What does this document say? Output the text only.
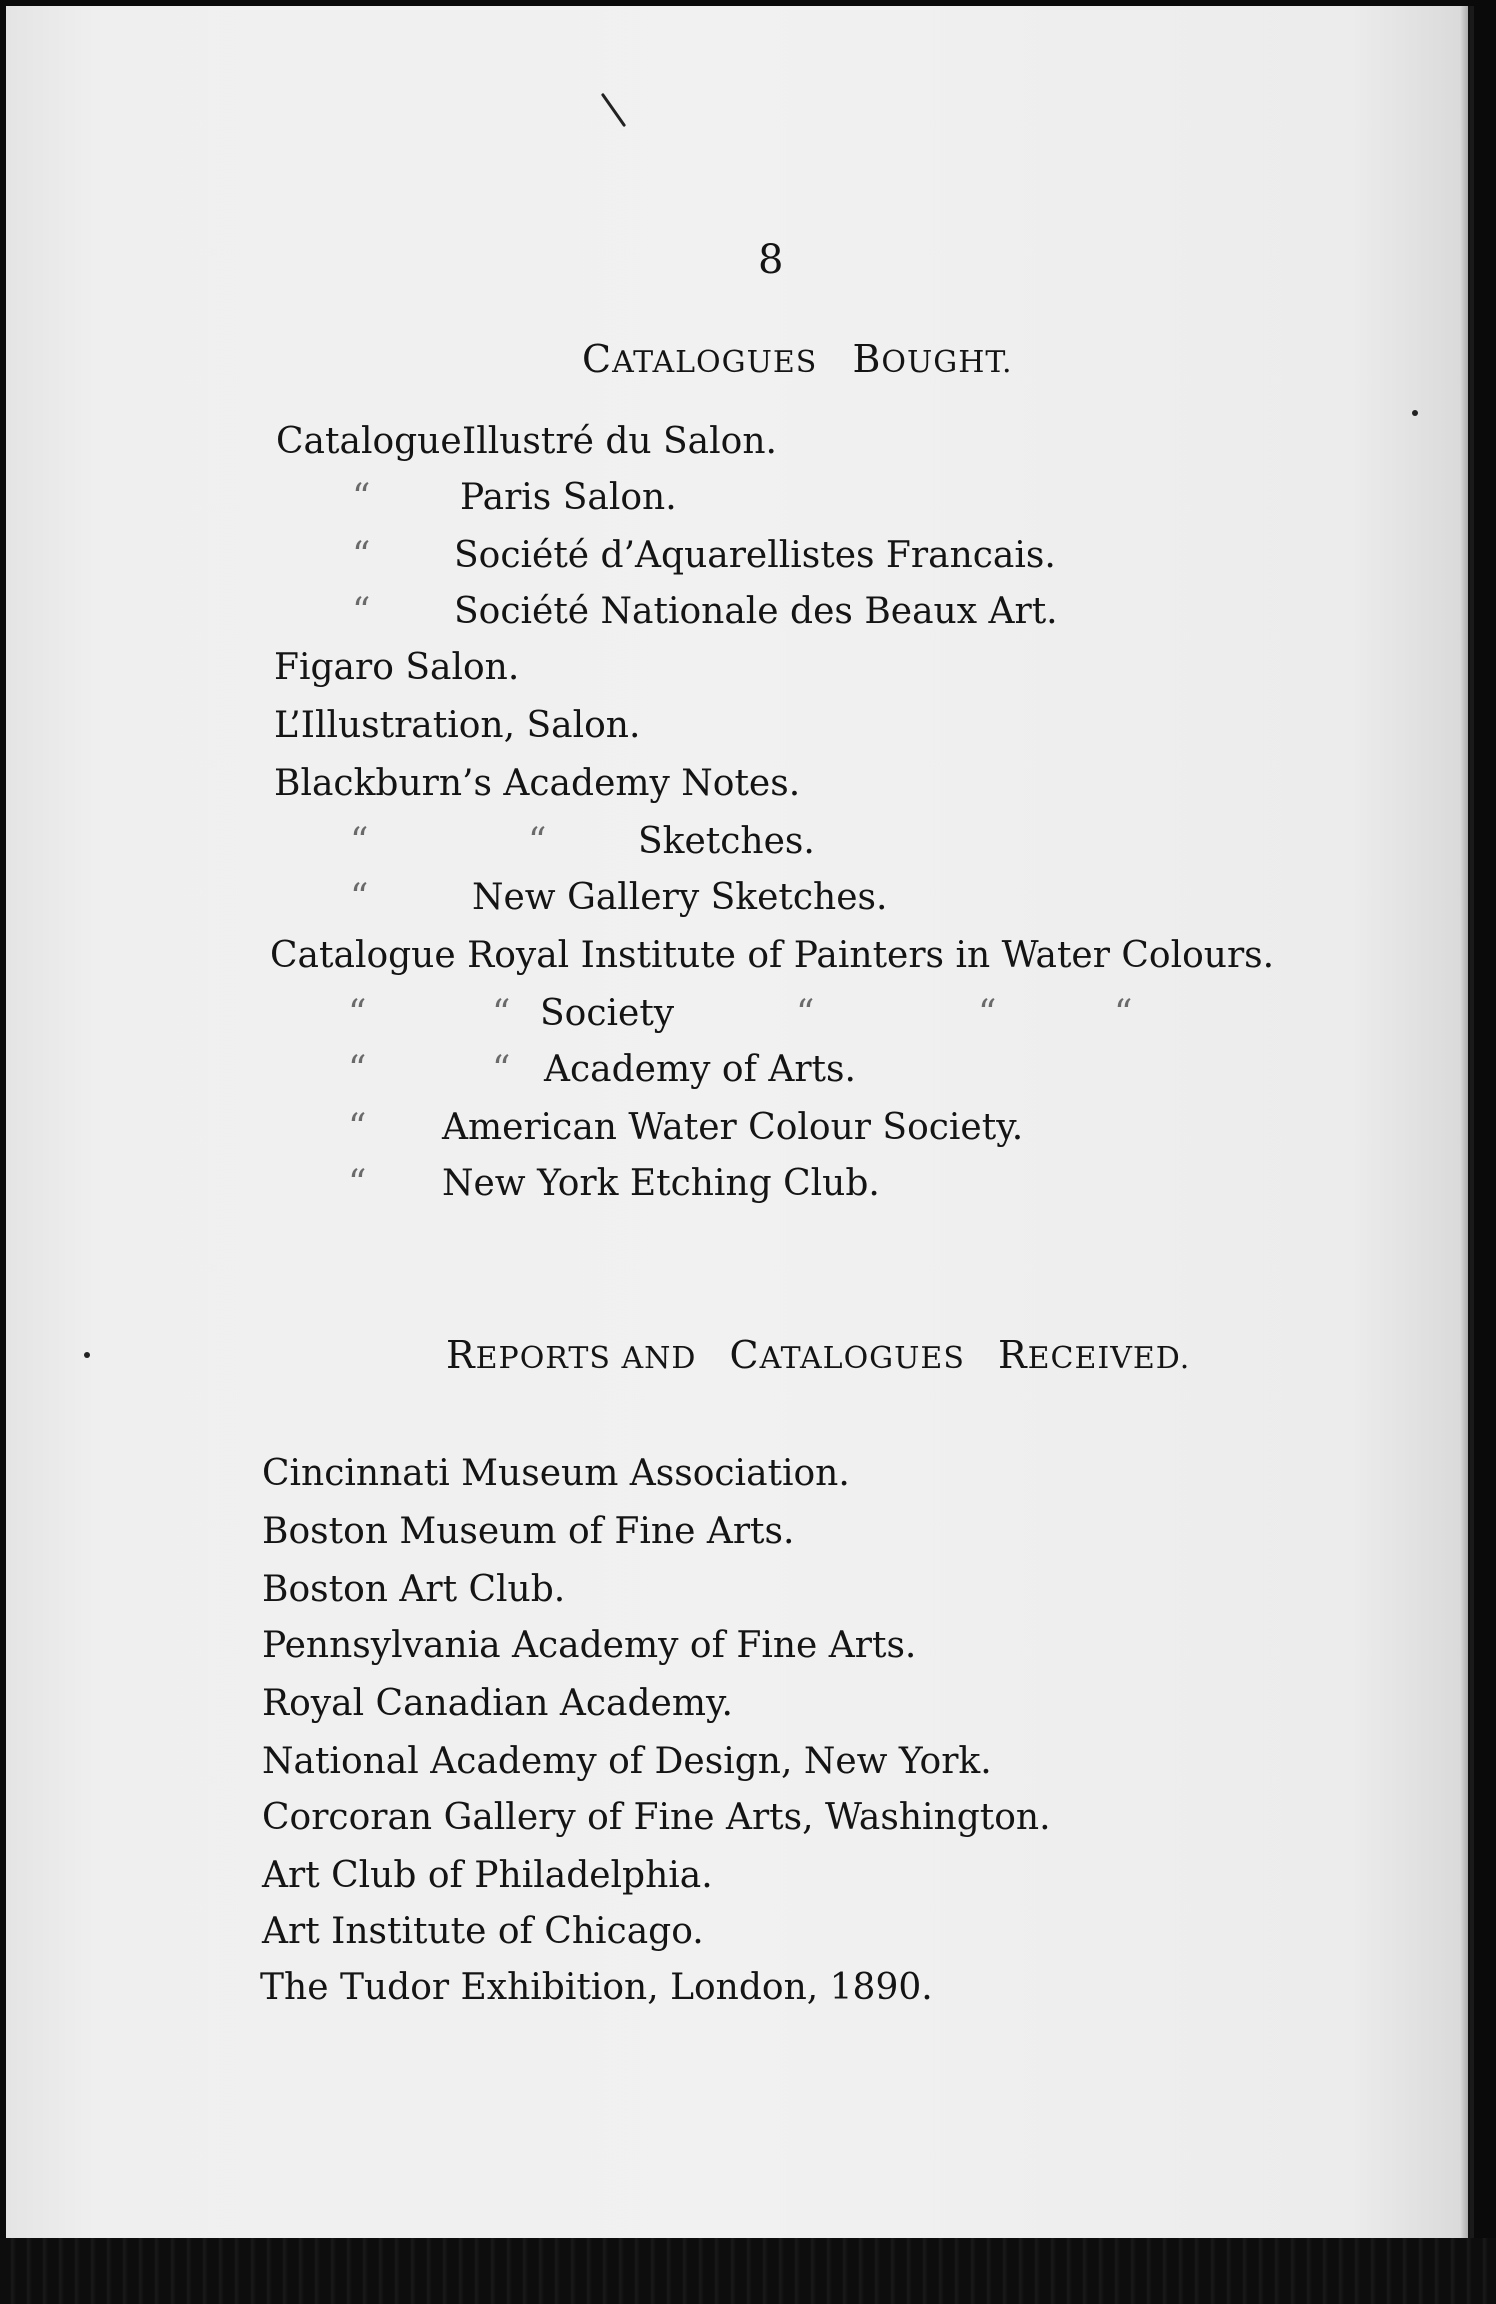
8
CATALOGUES BOUGHT.
Catalogue Illustré du Salon.
“ Paris Salon.
“ Société d’Aquarellistes Francais.
“ Société Nationale des Beaux Art.
Figaro Salon.
L’Illustration, Salon.
Blackburn’s Academy Notes.
“	“	Sketches.
“	New Gallery Sketches.
Catalogue Royal Institute of Painters in Water Colours.
“	“ Society	“	“	“
“	“ Academy of Arts.
“ American Water Colour Society.
“ New York Etching Club.
REPORTS AND CATALOGUES RECEIVED.
Cincinnati Museum Association.
Boston Museum of Fine Arts.
Boston Art Club.
Pennsylvania Academy of Fine Arts.
Royal Canadian Academy.
National Academy of Design, New York.
Corcoran Gallery of Fine Arts, Washington.
Art Club of Philadelphia.
Art Institute of Chicago.
The Tudor Exhibition, London, 1890.
